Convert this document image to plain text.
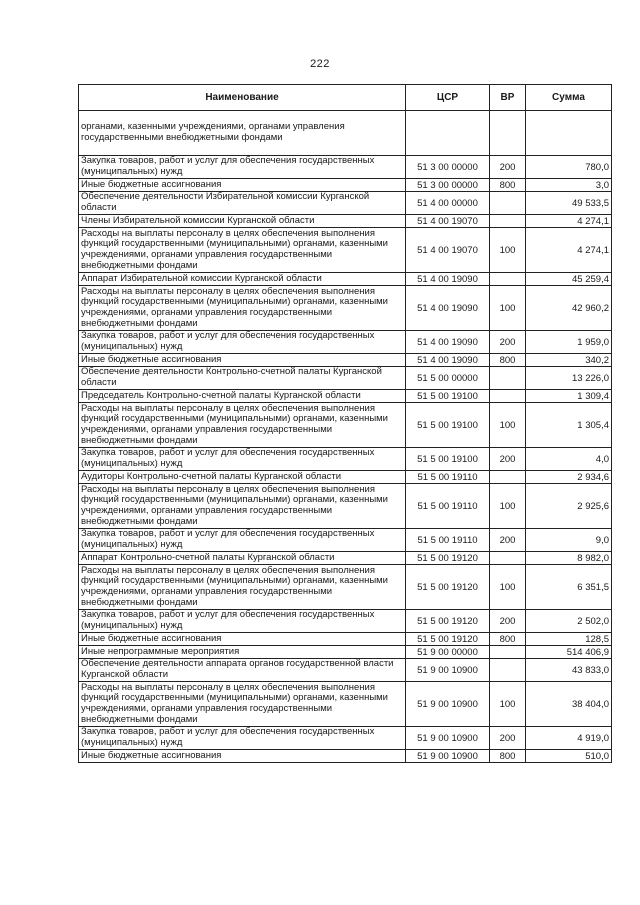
222
Наименование	ЦСР	ВР	Сумма
органами, казенными учреждениями, органами управления государственными внебюджетными фондами			
Закупка товаров, работ и услуг для обеспечения государственных (муниципальных) нужд	51 3 00 00000	200	780,0
Иные бюджетные ассигнования	51 3 00 00000	800	3,0
Обеспечение деятельности Избирательной комиссии Курганской области	51 4 00 00000		49 533,5
Члены Избирательной комиссии Курганской области	51 4 00 19070		4 274,1
Расходы на выплаты персоналу в целях обеспечения выполнения функций государственными (муниципальными) органами, казенными учреждениями, органами управления государственными внебюджетными фондами	51 4 00 19070	100	4 274,1
Аппарат Избирательной комиссии Курганской области	51 4 00 19090		45 259,4
Расходы на выплаты персоналу в целях обеспечения выполнения функций государственными (муниципальными) органами, казенными учреждениями, органами управления государственными внебюджетными фондами	51 4 00 19090	100	42 960,2
Закупка товаров, работ и услуг для обеспечения государственных (муниципальных) нужд	51 4 00 19090	200	1 959,0
Иные бюджетные ассигнования	51 4 00 19090	800	340,2
Обеспечение деятельности Контрольно-счетной палаты Курганской области	51 5 00 00000		13 226,0
Председатель Контрольно-счетной палаты Курганской области	51 5 00 19100		1 309,4
Расходы на выплаты персоналу в целях обеспечения выполнения функций государственными (муниципальными) органами, казенными учреждениями, органами управления государственными внебюджетными фондами	51 5 00 19100	100	1 305,4
Закупка товаров, работ и услуг для обеспечения государственных (муниципальных) нужд	51 5 00 19100	200	4,0
Аудиторы Контрольно-счетной палаты Курганской области	51 5 00 19110		2 934,6
Расходы на выплаты персоналу в целях обеспечения выполнения функций государственными (муниципальными) органами, казенными учреждениями, органами управления государственными внебюджетными фондами	51 5 00 19110	100	2 925,6
Закупка товаров, работ и услуг для обеспечения государственных (муниципальных) нужд	51 5 00 19110	200	9,0
Аппарат Контрольно-счетной палаты Курганской области	51 5 00 19120		8 982,0
Расходы на выплаты персоналу в целях обеспечения выполнения функций государственными (муниципальными) органами, казенными учреждениями, органами управления государственными внебюджетными фондами	51 5 00 19120	100	6 351,5
Закупка товаров, работ и услуг для обеспечения государственных (муниципальных) нужд	51 5 00 19120	200	2 502,0
Иные бюджетные ассигнования	51 5 00 19120	800	128,5
Иные непрограммные мероприятия	51 9 00 00000		514 406,9
Обеспечение деятельности аппарата органов государственной власти Курганской области	51 9 00 10900		43 833,0
Расходы на выплаты персоналу в целях обеспечения выполнения функций государственными (муниципальными) органами, казенными учреждениями, органами управления государственными внебюджетными фондами	51 9 00 10900	100	38 404,0
Закупка товаров, работ и услуг для обеспечения государственных (муниципальных) нужд	51 9 00 10900	200	4 919,0
Иные бюджетные ассигнования	51 9 00 10900	800	510,0
